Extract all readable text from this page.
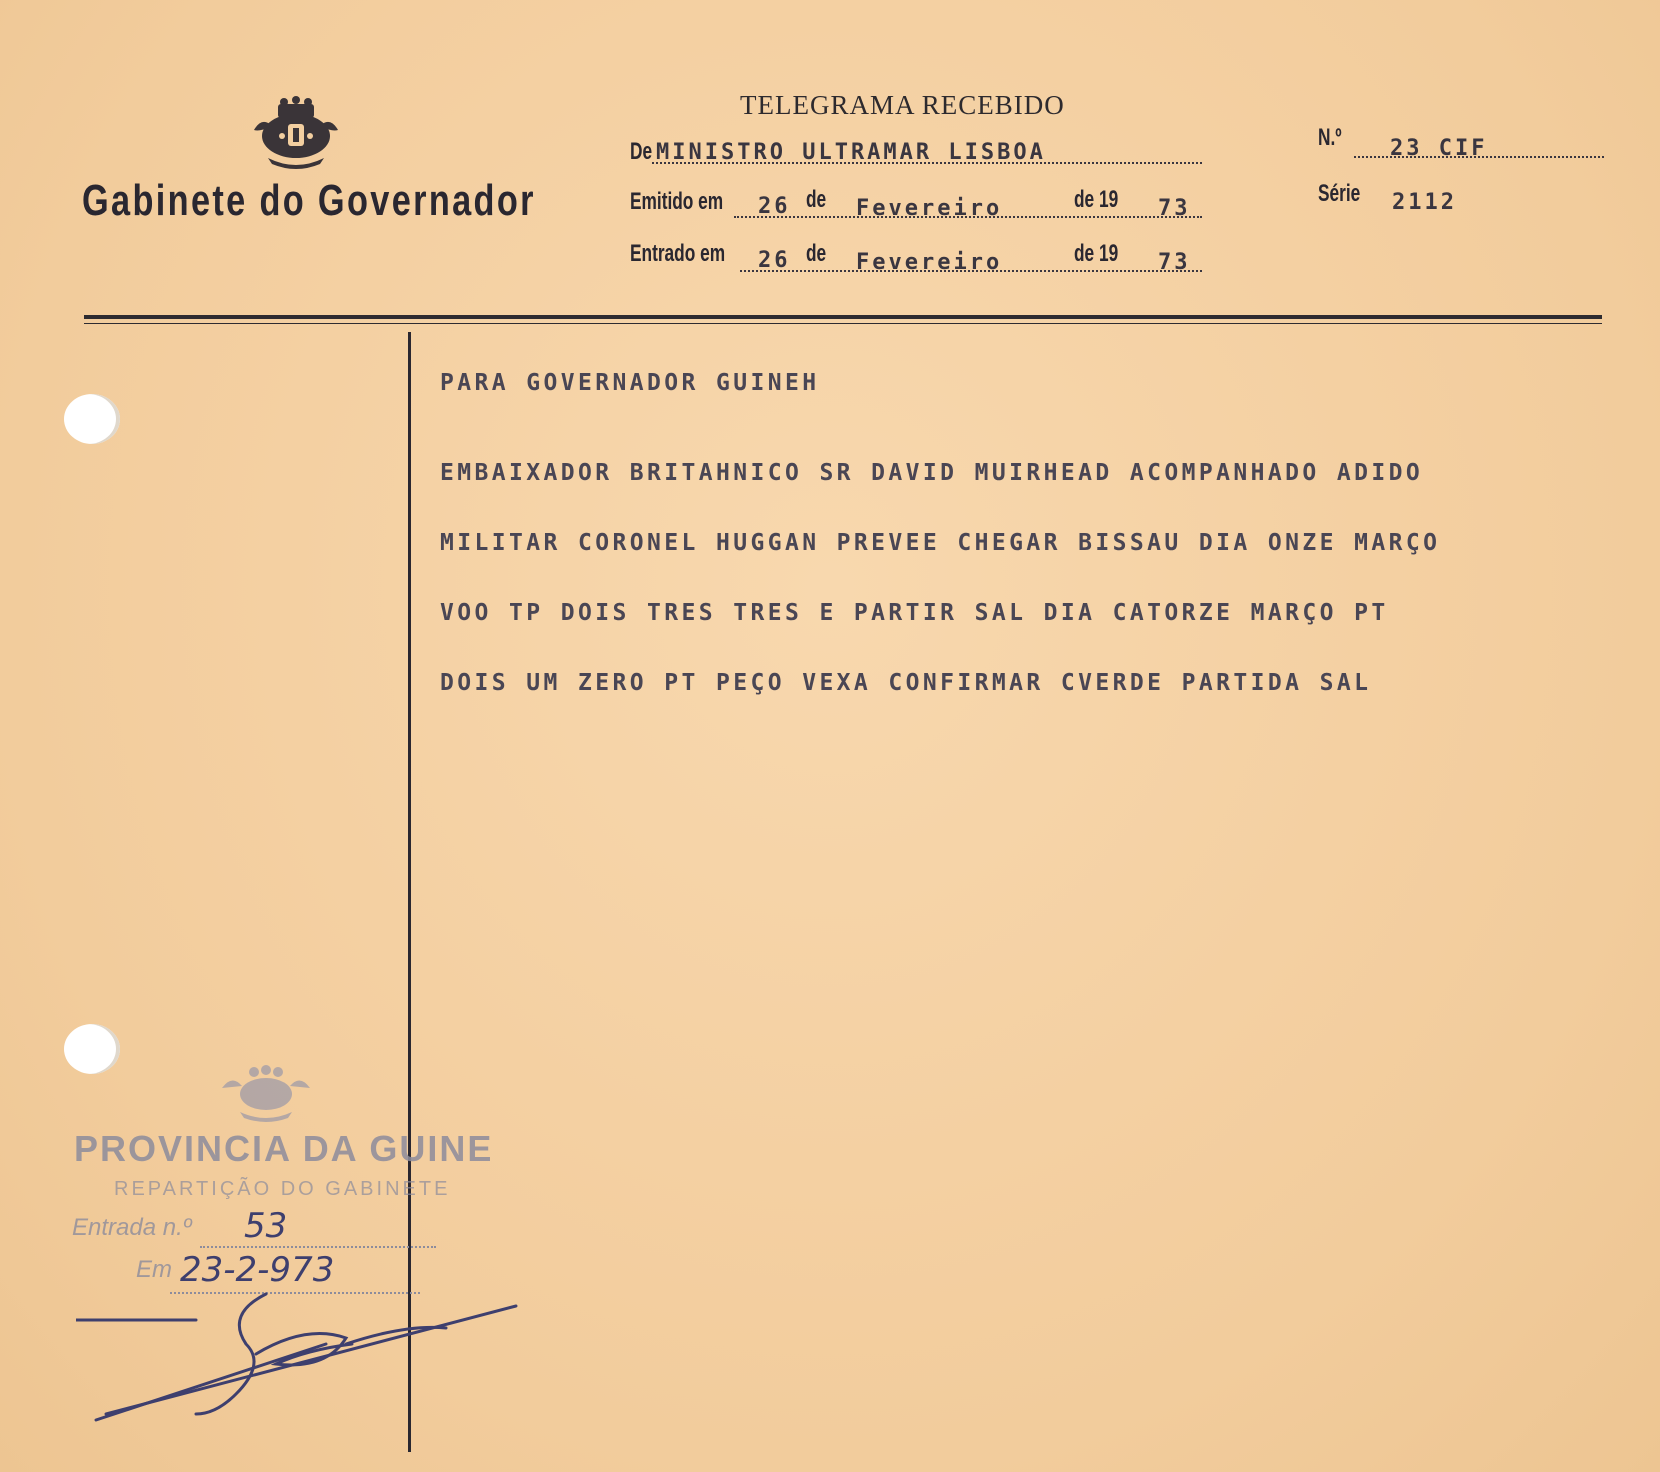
Gabinete do Governador
TELEGRAMA RECEBIDO
De MINISTRO ULTRAMAR LISBOA
Emitido em 26 de Fevereiro	de 19 73
Entrado em 26 de Fevereiro	de 19 73
N.º 23 CIF
Série 2112
PARA GOVERNADOR GUINEH
EMBAIXADOR BRITAHNICO SR DAVID MUIRHEAD ACOMPANHADO ADIDO
MILITAR CORONEL HUGGAN PREVEE CHEGAR BISSAU DIA ONZE MARÇO
VOO TP DOIS TRES TRES E PARTIR SAL DIA CATORZE MARÇO PT
DOIS UM ZERO PT PEÇO VEXA CONFIRMAR CVERDE PARTIDA SAL
PROVINCIA DA GUINE
REPARTIÇÃO DO GABINETE
Entrada n.º 53
Em 23-2-973
